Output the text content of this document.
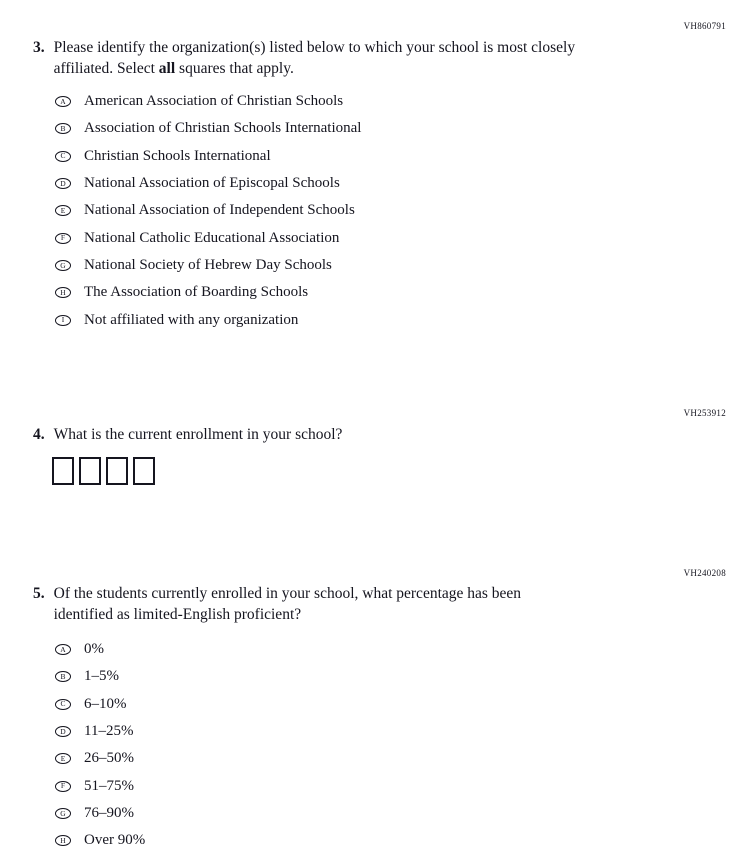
VH860791
3. Please identify the organization(s) listed below to which your school is most closely affiliated. Select all squares that apply.
A American Association of Christian Schools
B Association of Christian Schools International
C Christian Schools International
D National Association of Episcopal Schools
E National Association of Independent Schools
F National Catholic Educational Association
G National Society of Hebrew Day Schools
H The Association of Boarding Schools
I Not affiliated with any organization
VH253912
4. What is the current enrollment in your school?
VH240208
5. Of the students currently enrolled in your school, what percentage has been identified as limited-English proficient?
A 0%
B 1–5%
C 6–10%
D 11–25%
E 26–50%
F 51–75%
G 76–90%
H Over 90%
